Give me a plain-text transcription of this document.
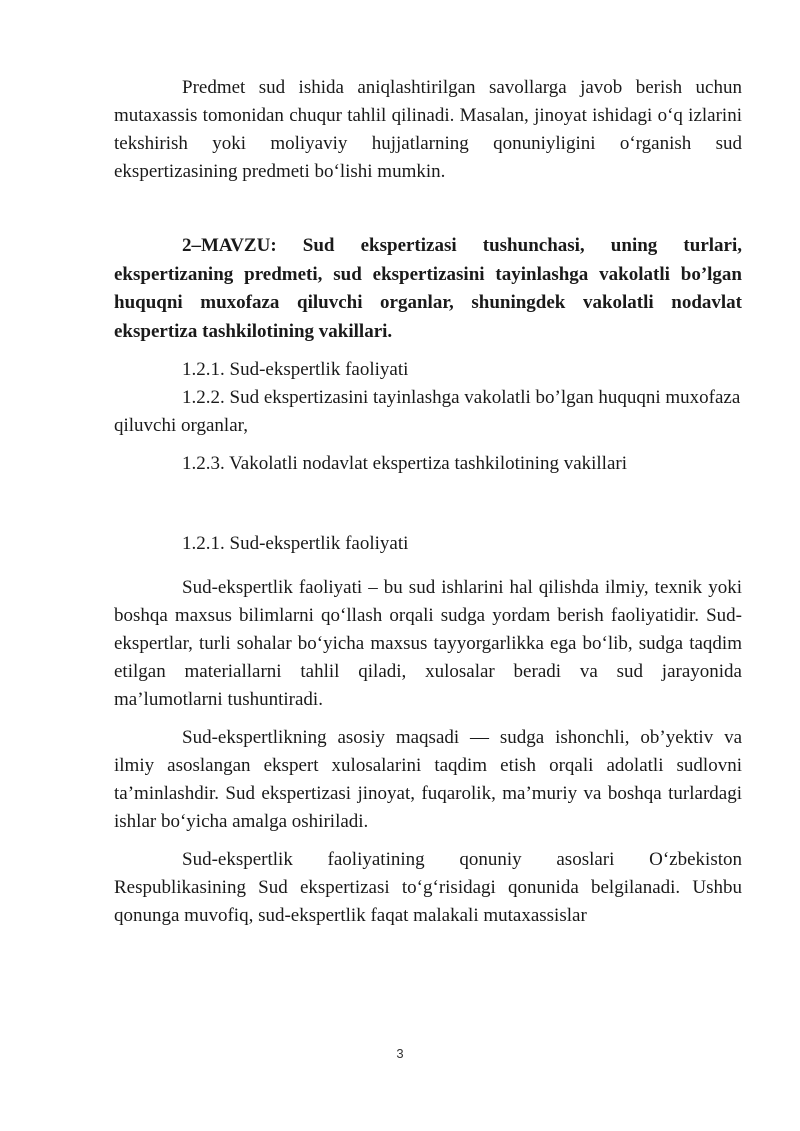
Predmet sud ishida aniqlashtirilgan savollarga javob berish uchun mutaxassis tomonidan chuqur tahlil qilinadi. Masalan, jinoyat ishidagi o‘q izlarini tekshirish yoki moliyaviy hujjatlarning qonuniyligini o‘rganish sud ekspertizasining predmeti bo‘lishi mumkin.

2–MAVZU: Sud ekspertizasi tushunchasi, uning turlari, ekspertizaning predmeti, sud ekspertizasini tayinlashga vakolatli bo’lgan huquqni muxofaza qiluvchi organlar, shuningdek vakolatli nodavlat ekspertiza tashkilotining vakillari.

1.2.1. Sud-ekspertlik faoliyati

1.2.2. Sud ekspertizasini tayinlashga vakolatli bo’lgan huquqni muxofaza qiluvchi organlar,

1.2.3. Vakolatli nodavlat ekspertiza tashkilotining vakillari

1.2.1. Sud-ekspertlik faoliyati

Sud-ekspertlik faoliyati – bu sud ishlarini hal qilishda ilmiy, texnik yoki boshqa maxsus bilimlarni qo‘llash orqali sudga yordam berish faoliyatidir. Sud-ekspertlar, turli sohalar bo‘yicha maxsus tayyorgarlikka ega bo‘lib, sudga taqdim etilgan materiallarni tahlil qiladi, xulosalar beradi va sud jarayonida ma’lumotlarni tushuntiradi.

Sud-ekspertlikning asosiy maqsadi — sudga ishonchli, ob’yektiv va ilmiy asoslangan ekspert xulosalarini taqdim etish orqali adolatli sudlovni ta’minlashdir. Sud ekspertizasi jinoyat, fuqarolik, ma’muriy va boshqa turlardagi ishlar bo‘yicha amalga oshiriladi.

Sud-ekspertlik faoliyatining qonuniy asoslari O‘zbekiston Respublikasining Sud ekspertizasi to‘g‘risidagi qonunida belgilanadi. Ushbu qonunga muvofiq, sud-ekspertlik faqat malakali mutaxassislar

3
